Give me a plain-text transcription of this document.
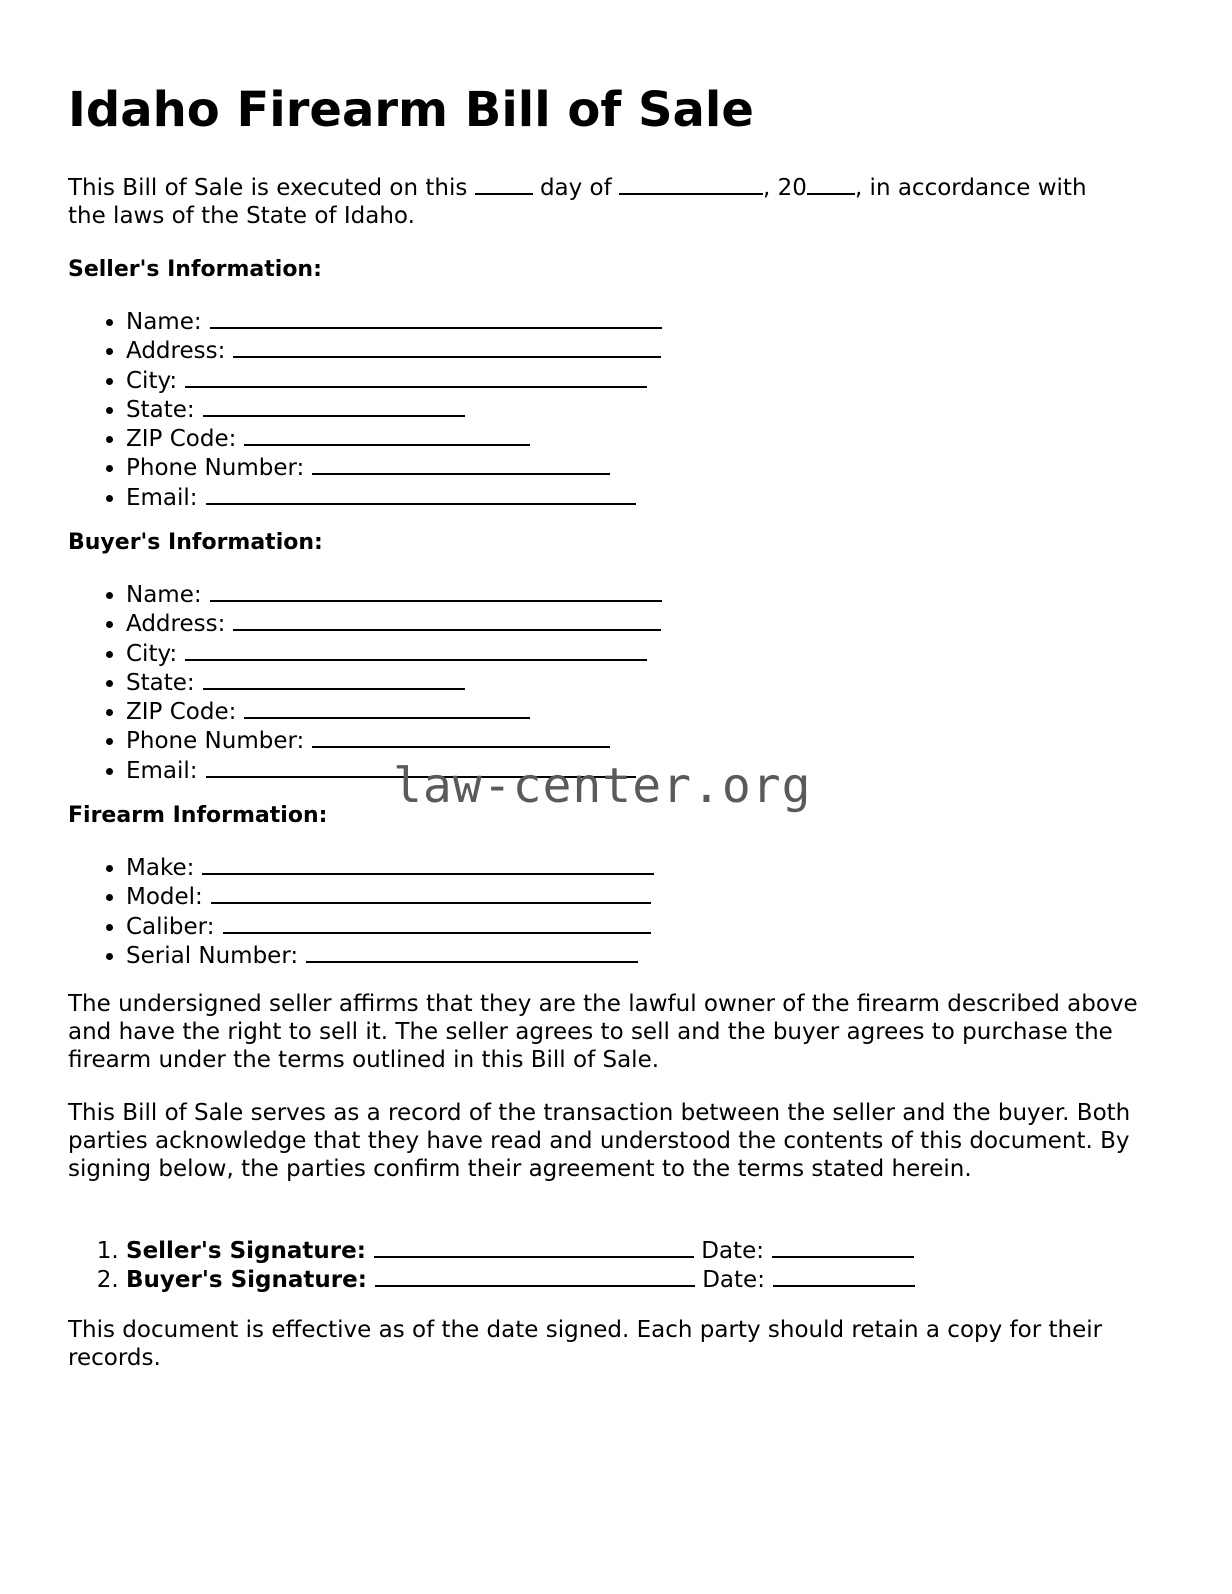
Idaho Firearm Bill of Sale

This Bill of Sale is executed on this	day of	, 20 , in accordance with
the laws of the State of Idaho.

Seller's Information:
• Name:
• Address:
• City:
• State:
• ZIP Code:
• Phone Number:
• Email:
Buyer's Information:
• Name:
• Address:
• City:
• State:
• ZIP Code:
• Phone Number:
• Email:
Firearm Information:
• Make:
• Model:
• Caliber:
• Serial Number:

The undersigned seller affirms that they are the lawful owner of the firearm described above and have the right to sell it. The seller agrees to sell and the buyer agrees to purchase the firearm under the terms outlined in this Bill of Sale.

This Bill of Sale serves as a record of the transaction between the seller and the buyer. Both parties acknowledge that they have read and understood the contents of this document. By signing below, the parties confirm their agreement to the terms stated herein.

1. Seller's Signature:	Date:
2. Buyer's Signature:	Date:

This document is effective as of the date signed. Each party should retain a copy for their records.

law-center.org
